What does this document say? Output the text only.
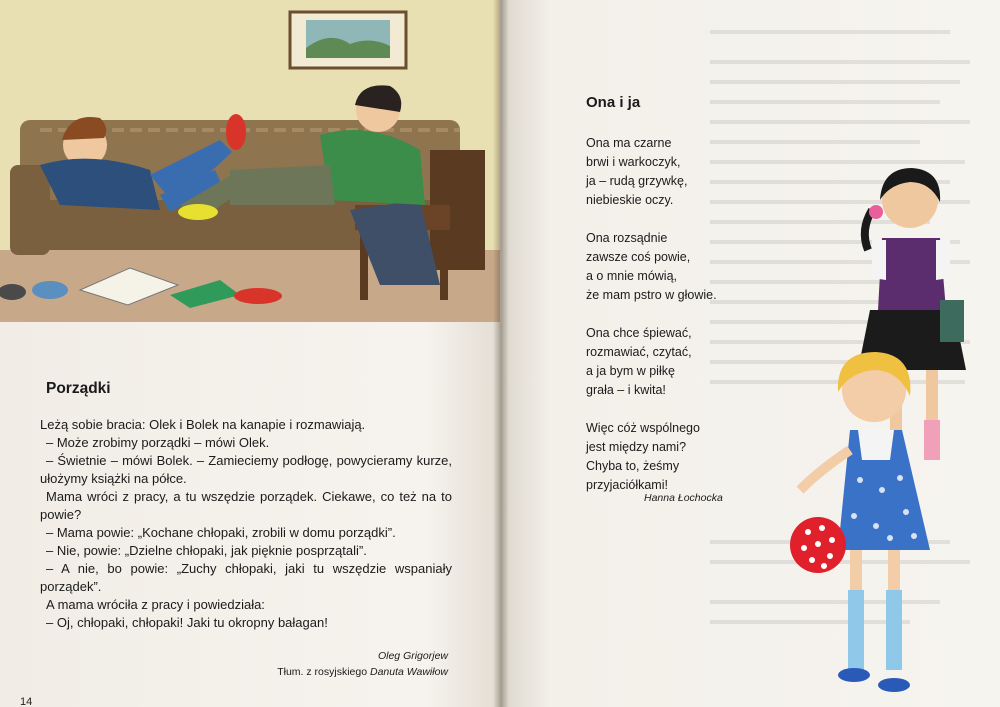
Porządki

Leżą sobie bracia: Olek i Bolek na kanapie i rozmawiają.

– Może zrobimy porządki – mówi Olek.

– Świetnie – mówi Bolek. – Zamieciemy podłogę, powycieramy kurze, ułożymy książki na półce.

Mama wróci z pracy, a tu wszędzie porządek. Ciekawe, co też na to powie?

– Mama powie: „Kochane chłopaki, zrobili w domu porządki”.

– Nie, powie: „Dzielne chłopaki, jak pięknie posprzątali”.

– A nie, bo powie: „Zuchy chłopaki, jaki tu wszędzie wspaniały porządek”.

A mama wróciła z pracy i powiedziała:

– Oj, chłopaki, chłopaki! Jaki tu okropny bałagan!

Oleg Grigorjew
Tłum. z rosyjskiego Danuta Wawiłow
14
Ona i ja
Ona ma czarne
brwi i warkoczyk,
ja – rudą grzywkę,
niebieskie oczy.
Ona rozsądnie
zawsze coś powie,
a o mnie mówią,
że mam pstro w głowie.
Ona chce śpiewać,
rozmawiać, czytać,
a ja bym w piłkę
grała – i kwita!
Więc cóż wspólnego
jest między nami?
Chyba to, żeśmy
przyjaciółkami!
Hanna Łochocka
